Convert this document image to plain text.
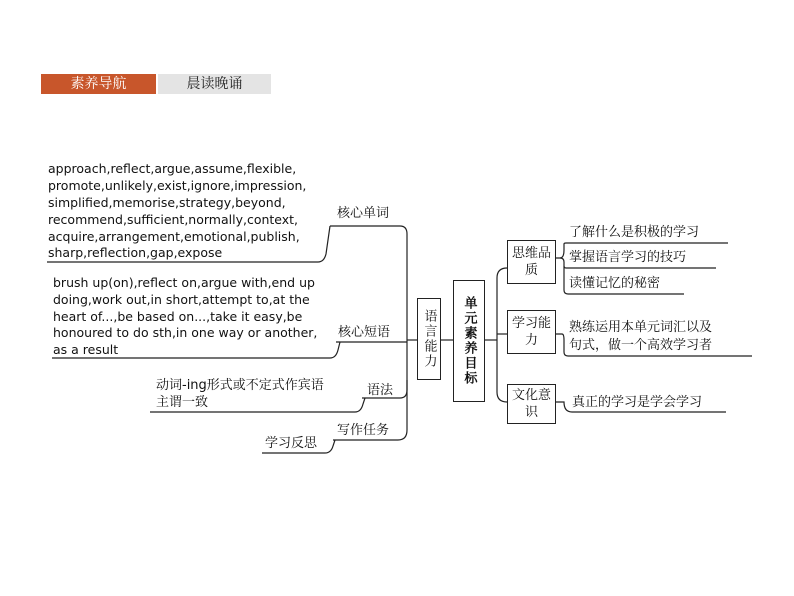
素养导航	晨读晚诵
approach,reflect,argue,assume,flexible,
promote,unlikely,exist,ignore,impression,
simplified,memorise,strategy,beyond,
recommend,sufficient,normally,context,
acquire,arrangement,emotional,publish,
sharp,reflection,gap,expose
核心单词
brush up(on),reflect on,argue with,end up
doing,work out,in short,attempt to,at the
heart of...,be based on...,take it easy,be
honoured to do sth,in one way or another,
as a result
核心短语
动词-ing形式或不定式作宾语
主谓一致
语法
写作任务
学习反思
语言能力	单元素养目标
思维品质
学习能力
文化意识
了解什么是积极的学习
掌握语言学习的技巧
读懂记忆的秘密
熟练运用本单元词汇以及
句式，做一个高效学习者
真正的学习是学会学习
